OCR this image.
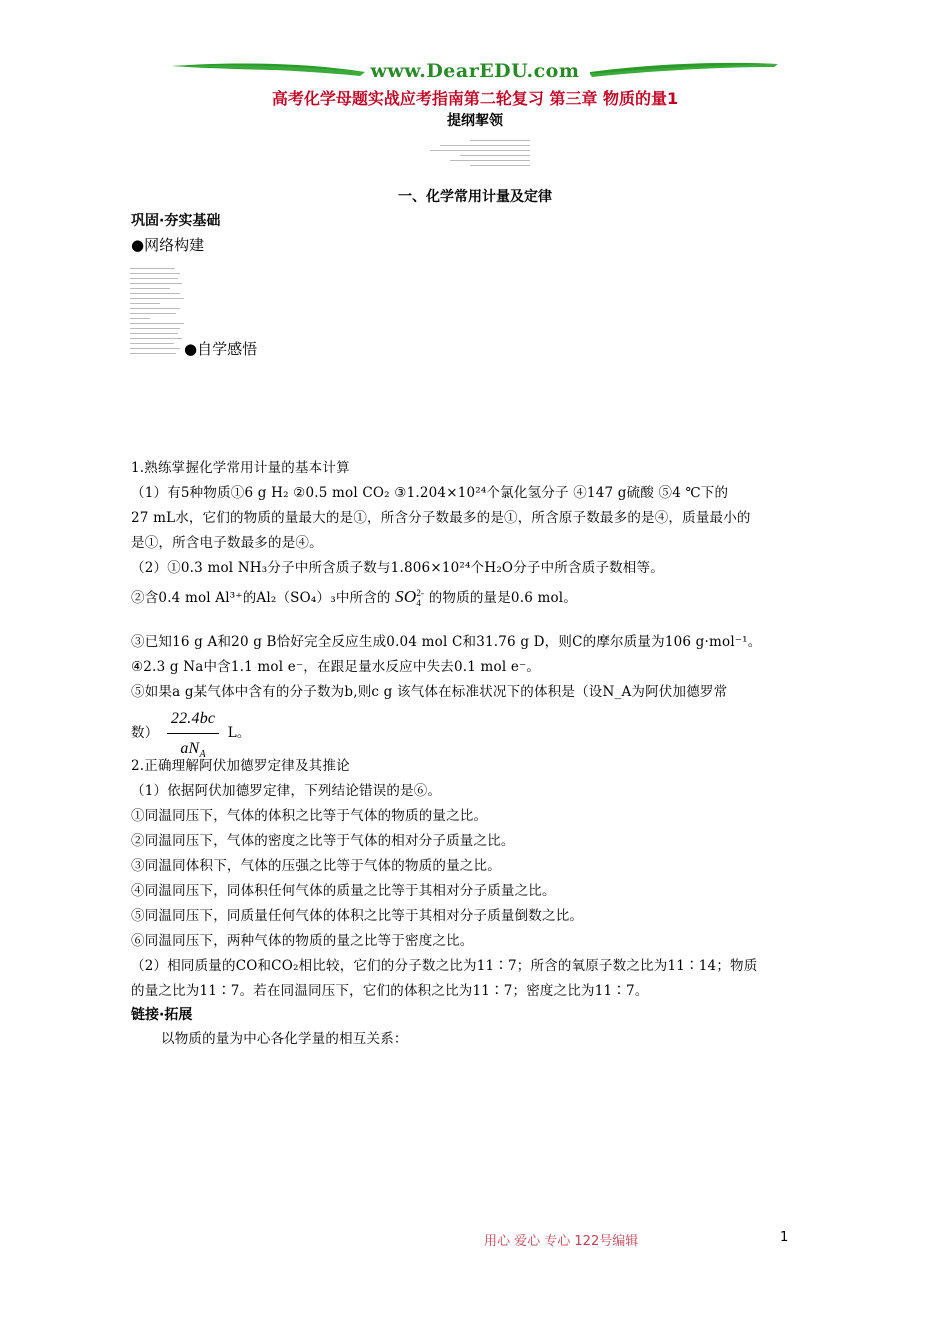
www.DearEDU.com
高考化学母题实战应考指南第二轮复习 第三章 物质的量1
提纲挈领
一、化学常用计量及定律
巩固·夯实基础
●网络构建
●自学感悟
1.熟练掌握化学常用计量的基本计算
（1）有5种物质①6 g H₂ ②0.5 mol CO₂ ③1.204×10²⁴个氯化氢分子 ④147 g硫酸 ⑤4 ℃下的
27 mL水，它们的物质的量最大的是①，所含分子数最多的是①，所含原子数最多的是④，质量最小的
是①，所含电子数最多的是④。
（2）①0.3 mol NH₃分子中所含质子数与1.806×10²⁴个H₂O分子中所含质子数相等。
②含0.4 mol Al³⁺的Al₂（SO₄）₃中所含的 SO 2-
4 的物质的量是0.6 mol。
③已知16 g A和20 g B恰好完全反应生成0.04 mol C和31.76 g D，则C的摩尔质量为106 g·mol⁻¹。
④2.3 g Na中含1.1 mol e⁻，在跟足量水反应中失去0.1 mol e⁻。
⑤如果a g某气体中含有的分子数为b,则c g 该气体在标准状况下的体积是（设N_A为阿伏加德罗常
数） $\frac{22.4bc}{aN_A}$ L。
2.正确理解阿伏加德罗定律及其推论
（1）依据阿伏加德罗定律，下列结论错误的是⑥。
①同温同压下，气体的体积之比等于气体的物质的量之比。
②同温同压下，气体的密度之比等于气体的相对分子质量之比。
③同温同体积下，气体的压强之比等于气体的物质的量之比。
④同温同压下，同体积任何气体的质量之比等于其相对分子质量之比。
⑤同温同压下，同质量任何气体的体积之比等于其相对分子质量倒数之比。
⑥同温同压下，两种气体的物质的量之比等于密度之比。
（2）相同质量的CO和CO₂相比较，它们的分子数之比为11∶7；所含的氧原子数之比为11∶14；物质
的量之比为11∶7。若在同温同压下，它们的体积之比为11∶7；密度之比为11∶7。
链接·拓展
以物质的量为中心各化学量的相互关系：
用心 爱心 专心 122号编辑	1
